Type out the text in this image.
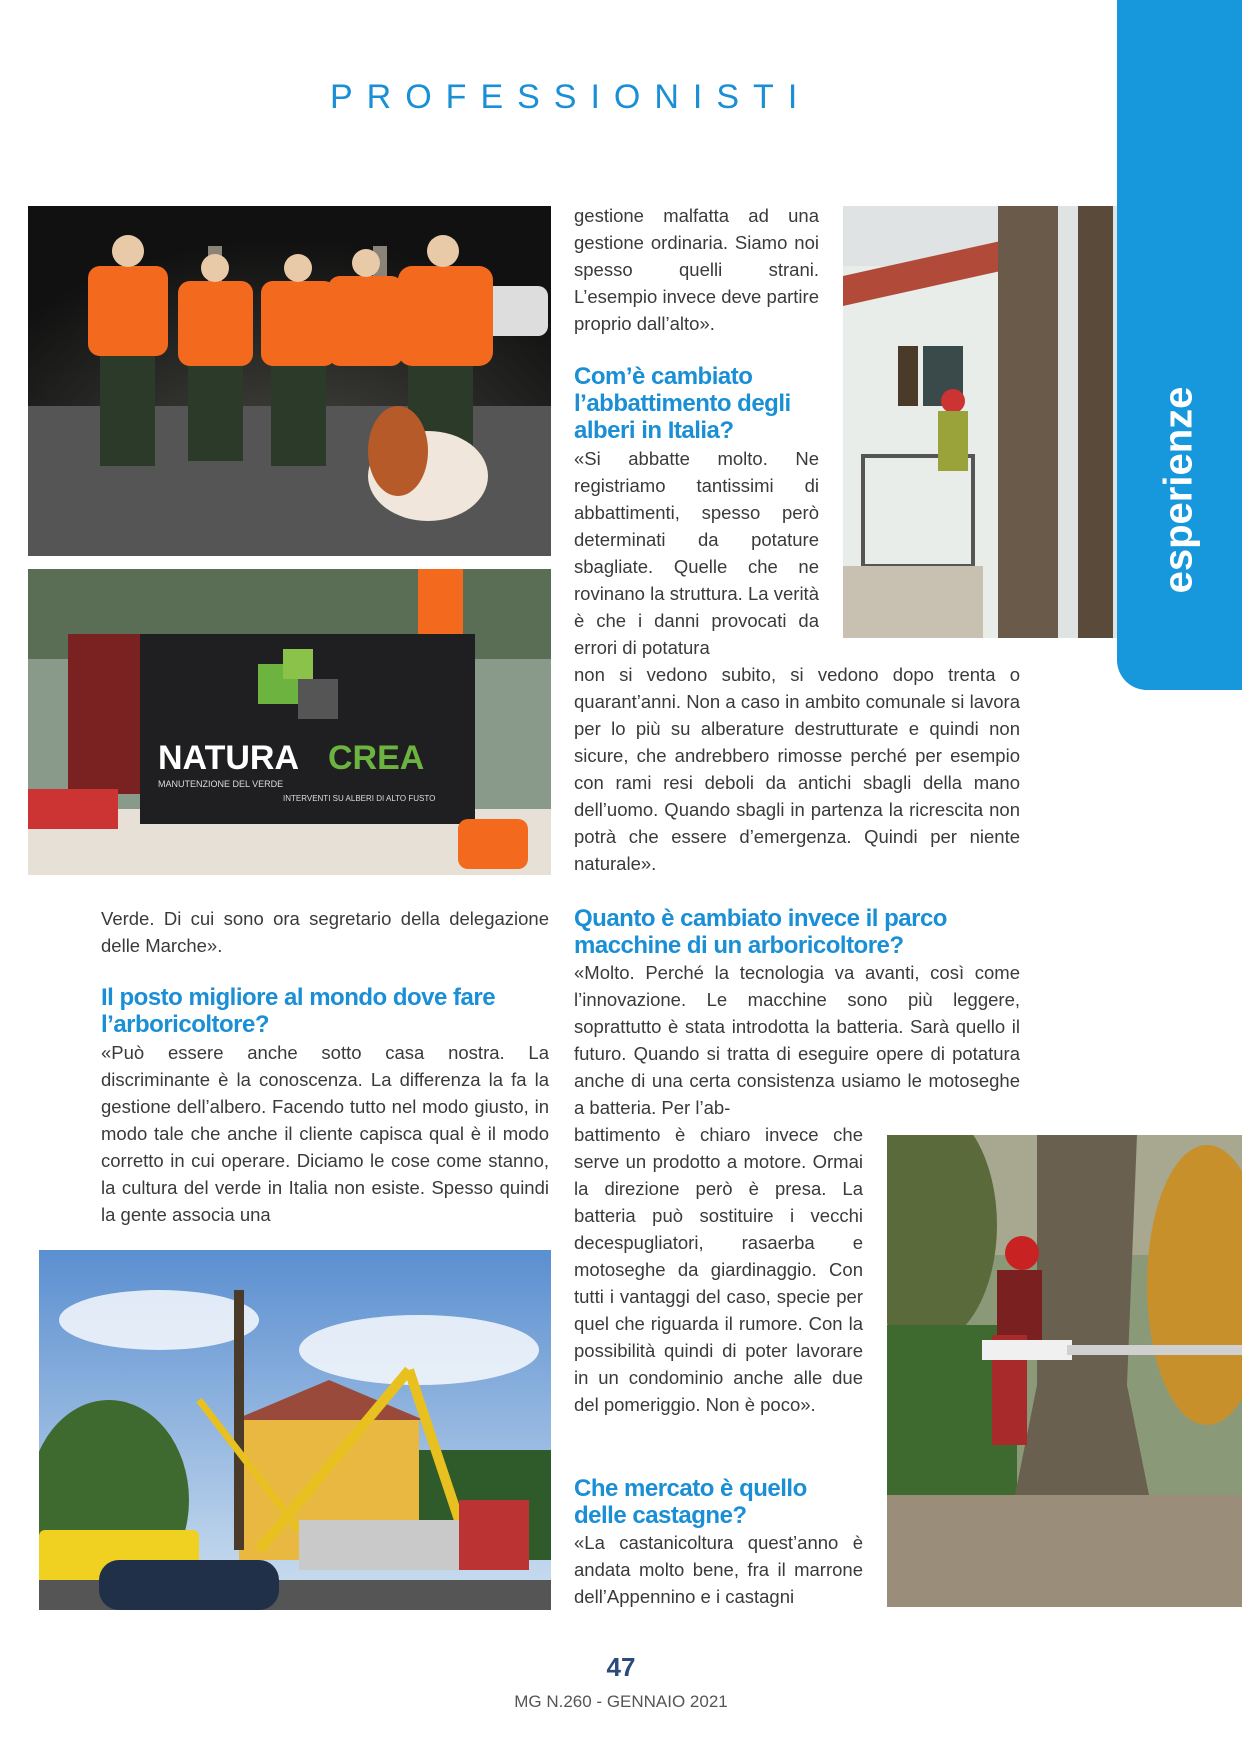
PROFESSIONISTI
esperienze
NATURA CREA
MANUTENZIONE DEL VERDE
INTERVENTI SU ALBERI DI ALTO FUSTO

gestione malfatta ad una gestione ordinaria. Siamo noi spesso quelli strani. L’esempio invece deve partire proprio dall’alto».

Com’è cambiato l’abbattimento degli alberi in Italia?

«Si abbatte molto. Ne registriamo tantissimi di abbattimenti, spesso però determinati da potature sbagliate. Quelle che ne rovinano la struttura. La verità è che i danni provocati da errori di potatura

non si vedono subito, si vedono dopo trenta o quarant’anni. Non a caso in ambito comunale si lavora per lo più su alberature destrutturate e quindi non sicure, che andrebbero rimosse perché per esempio con rami resi deboli da antichi sbagli della mano dell’uomo. Quando sbagli in partenza la ricrescita non potrà che essere d’emergenza. Quindi per niente naturale».

Verde. Di cui sono ora segretario della delegazione delle Marche».

Il posto migliore al mondo dove fare l’arboricoltore?

«Può essere anche sotto casa nostra. La discriminante è la conoscenza. La differenza la fa la gestione dell’albero. Facendo tutto nel modo giusto, in modo tale che anche il cliente capisca qual è il modo corretto in cui operare. Diciamo le cose come stanno, la cultura del verde in Italia non esiste. Spesso quindi la gente associa una

Quanto è cambiato invece il parco macchine di un arboricoltore?

«Molto. Perché la tecnologia va avanti, così come l’innovazione. Le macchine sono più leggere, soprattutto è stata introdotta la batteria. Sarà quello il futuro. Quando si tratta di eseguire opere di potatura anche di una certa consistenza usiamo le motoseghe a batteria. Per l’ab-

battimento è chiaro invece che serve un prodotto a motore. Ormai la direzione però è presa. La batteria può sostituire i vecchi decespugliatori, rasaerba e motoseghe da giardinaggio. Con tutti i vantaggi del caso, specie per quel che riguarda il rumore. Con la possibilità quindi di poter lavorare in un condominio anche alle due del pomeriggio. Non è poco».

Che mercato è quello delle castagne?

«La castanicoltura quest’anno è andata molto bene, fra il marrone dell’Appennino e i castagni

47
MG N.260 - GENNAIO 2021
